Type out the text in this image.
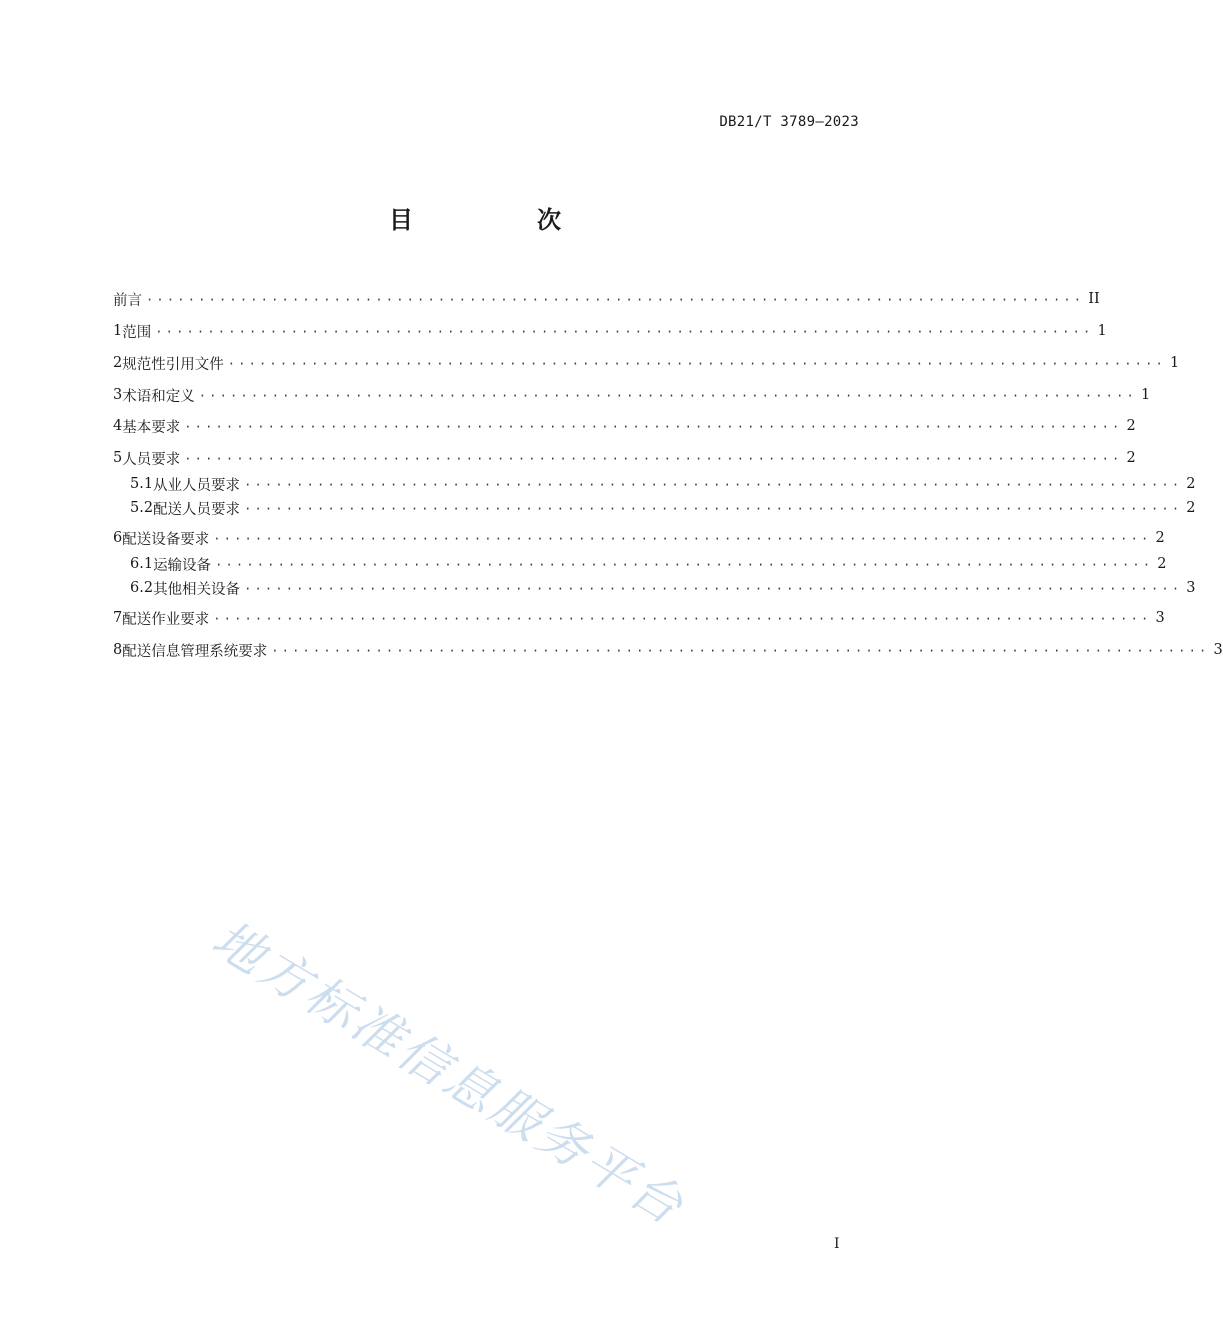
DB21/T 3789—2023
目　次
前言 ·························································································· II
1 范围 ·························································································· 1
2 规范性引用文件 ·························································································· 1
3 术语和定义 ·························································································· 1
4 基本要求 ·························································································· 2
5 人员要求 ·························································································· 2
5.1 从业人员要求 ·························································································· 2
5.2 配送人员要求 ·························································································· 2
6 配送设备要求 ·························································································· 2
6.1 运输设备 ·························································································· 2
6.2 其他相关设备 ·························································································· 3
7 配送作业要求 ·························································································· 3
8 配送信息管理系统要求 ·························································································· 3
地方标准信息服务平台
I
